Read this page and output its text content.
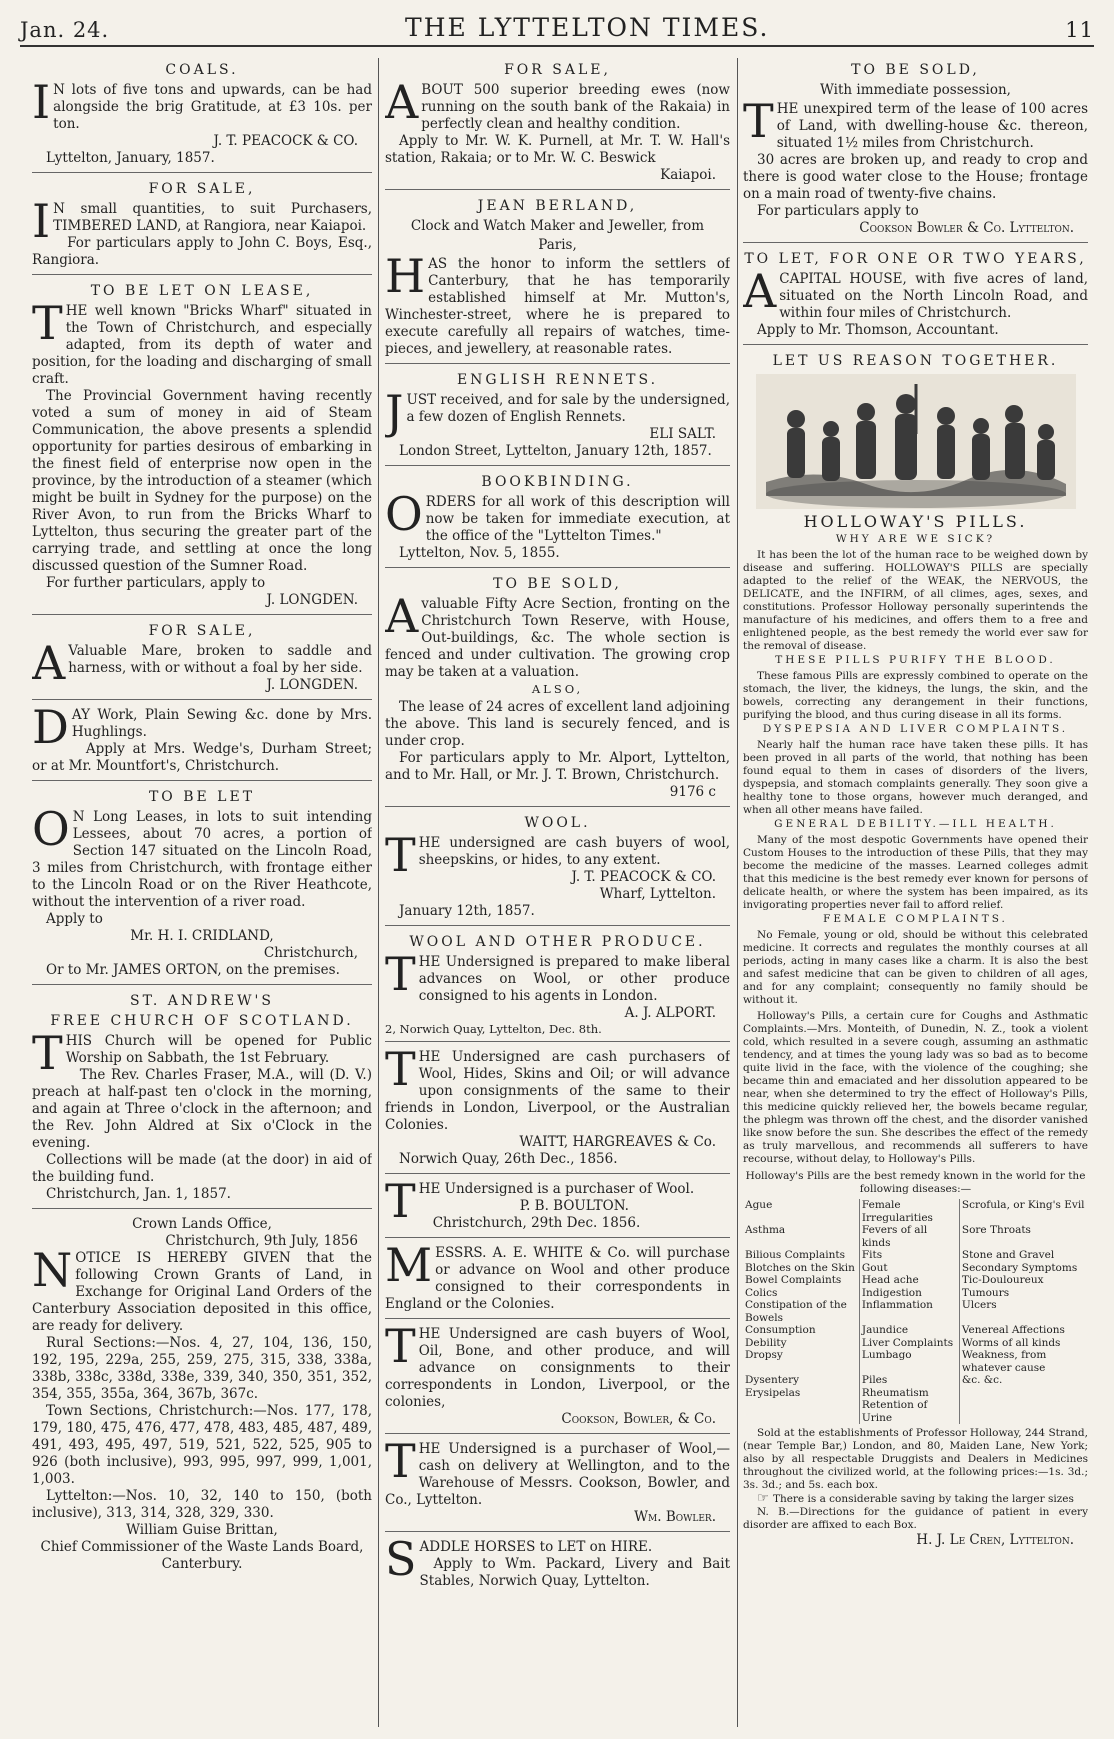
Jan. 24.	THE LYTTELTON TIMES.	11
COALS.

I N lots of five tons and upwards, can be had alongside the brig Gratitude, at £3 10s. per ton.

J. T. PEACOCK & CO.
Lyttelton, January, 1857.
FOR SALE,

I N small quantities, to suit Purchasers, TIMBERED LAND, at Rangiora, near Kaiapoi.

For particulars apply to John C. Boys, Esq., Rangiora.

TO BE LET ON LEASE,

THE well known "Bricks Wharf" situated in the Town of Christchurch, and especially adapted, from its depth of water and position, for the loading and discharging of small craft.

The Provincial Government having recently voted a sum of money in aid of Steam Communication, the above presents a splendid opportunity for parties desirous of embarking in the finest field of enterprise now open in the province, by the introduction of a steamer (which might be built in Sydney for the purpose) on the River Avon, to run from the Bricks Wharf to Lyttelton, thus securing the greater part of the carrying trade, and settling at once the long discussed question of the Sumner Road.

For further particulars, apply to

J. LONGDEN.
FOR SALE,

A Valuable Mare, broken to saddle and harness, with or without a foal by her side.

J. LONGDEN.

DAY Work, Plain Sewing &c. done by Mrs. Hughlings.

Apply at Mrs. Wedge's, Durham Street; or at Mr. Mountfort's, Christchurch.

TO BE LET

O N Long Leases, in lots to suit intending Lessees, about 70 acres, a portion of Section 147 situated on the Lincoln Road, 3 miles from Christchurch, with frontage either to the Lincoln Road or on the River Heathcote, without the intervention of a river road.

Apply to
Mr. H. I. CRIDLAND,
Christchurch,

Or to Mr. JAMES ORTON, on the premises.

ST. ANDREW'S
FREE CHURCH OF SCOTLAND.

THIS Church will be opened for Public Worship on Sabbath, the 1st February.

The Rev. Charles Fraser, M.A., will (D. V.) preach at half-past ten o'clock in the morning, and again at Three o'clock in the afternoon; and the Rev. John Aldred at Six o'Clock in the evening.

Collections will be made (at the door) in aid of the building fund.

Christchurch, Jan. 1, 1857.
Crown Lands Office,
Christchurch, 9th July, 1856

NOTICE IS HEREBY GIVEN that the following Crown Grants of Land, in Exchange for Original Land Orders of the Canterbury Association deposited in this office, are ready for delivery.

Rural Sections:—Nos. 4, 27, 104, 136, 150, 192, 195, 229a, 255, 259, 275, 315, 338, 338a, 338b, 338c, 338d, 338e, 339, 340, 350, 351, 352, 354, 355, 355a, 364, 367b, 367c.

Town Sections, Christchurch:—Nos. 177, 178, 179, 180, 475, 476, 477, 478, 483, 485, 487, 489, 491, 493, 495, 497, 519, 521, 522, 525, 905 to 926 (both inclusive), 993, 995, 997, 999, 1,001, 1,003.

Lyttelton:—Nos. 10, 32, 140 to 150, (both inclusive), 313, 314, 328, 329, 330.

William Guise Brittan,
Chief Commissioner of the Waste Lands Board, Canterbury.
FOR SALE,

ABOUT 500 superior breeding ewes (now running on the south bank of the Rakaia) in perfectly clean and healthy condition.

Apply to Mr. W. K. Purnell, at Mr. T. W. Hall's station, Rakaia; or to Mr. W. C. Beswick

Kaiapoi.
JEAN BERLAND,
Clock and Watch Maker and Jeweller, from
Paris,

HAS the honor to inform the settlers of Canterbury, that he has temporarily established himself at Mr. Mutton's, Winchester-street, where he is prepared to execute carefully all repairs of watches, time-pieces, and jewellery, at reasonable rates.

ENGLISH RENNETS.

JUST received, and for sale by the undersigned, a few dozen of English Rennets.

ELI SALT.
London Street, Lyttelton, January 12th, 1857.
BOOKBINDING.

ORDERS for all work of this description will now be taken for immediate execution, at the office of the "Lyttelton Times."

Lyttelton, Nov. 5, 1855.
TO BE SOLD,

Avaluable Fifty Acre Section, fronting on the Christchurch Town Reserve, with House, Out-buildings, &c. The whole section is fenced and under cultivation. The growing crop may be taken at a valuation.

ALSO,

The lease of 24 acres of excellent land adjoining the above. This land is securely fenced, and is under crop.

For particulars apply to Mr. Alport, Lyttelton, and to Mr. Hall, or Mr. J. T. Brown, Christchurch.

9176 c
WOOL.

THE undersigned are cash buyers of wool, sheepskins, or hides, to any extent.

J. T. PEACOCK & CO.
Wharf, Lyttelton.
January 12th, 1857.
WOOL AND OTHER PRODUCE.

THE Undersigned is prepared to make liberal advances on Wool, or other produce consigned to his agents in London.

A. J. ALPORT.
2, Norwich Quay, Lyttelton, Dec. 8th.

THE Undersigned are cash purchasers of Wool, Hides, Skins and Oil; or will advance upon consignments of the same to their friends in London, Liverpool, or the Australian Colonies.

WAITT, HARGREAVES & Co.
Norwich Quay, 26th Dec., 1856.

THE Undersigned is a purchaser of Wool.

P. B. BOULTON.
Christchurch, 29th Dec. 1856.

MESSRS. A. E. WHITE & Co. will purchase or advance on Wool and other produce consigned to their correspondents in England or the Colonies.

THE Undersigned are cash buyers of Wool, Oil, Bone, and other produce, and will advance on consignments to their correspondents in London, Liverpool, or the colonies,

Cookson, Bowler, & Co.

THE Undersigned is a purchaser of Wool,—cash on delivery at Wellington, and to the Warehouse of Messrs. Cookson, Bowler, and Co., Lyttelton.

Wm. Bowler.

SADDLE HORSES to LET on HIRE.

Apply to Wm. Packard, Livery and Bait Stables, Norwich Quay, Lyttelton.

TO BE SOLD,
With immediate possession,

THE unexpired term of the lease of 100 acres of Land, with dwelling-house &c. thereon, situated 1½ miles from Christchurch.

30 acres are broken up, and ready to crop and there is good water close to the House; frontage on a main road of twenty-five chains.

For particulars apply to
Cookson Bowler & Co. Lyttelton.
TO LET, FOR ONE OR TWO YEARS,

ACAPITAL HOUSE, with five acres of land, situated on the North Lincoln Road, and within four miles of Christchurch.

Apply to Mr. Thomson, Accountant.
LET US REASON TOGETHER.
HOLLOWAY'S PILLS.
WHY ARE WE SICK?

It has been the lot of the human race to be weighed down by disease and suffering. HOLLOWAY'S PILLS are specially adapted to the relief of the WEAK, the NERVOUS, the DELICATE, and the INFIRM, of all climes, ages, sexes, and constitutions. Professor Holloway personally superintends the manufacture of his medicines, and offers them to a free and enlightened people, as the best remedy the world ever saw for the removal of disease.

THESE PILLS PURIFY THE BLOOD.

These famous Pills are expressly combined to operate on the stomach, the liver, the kidneys, the lungs, the skin, and the bowels, correcting any derangement in their functions, purifying the blood, and thus curing disease in all its forms.

DYSPEPSIA AND LIVER COMPLAINTS.

Nearly half the human race have taken these pills. It has been proved in all parts of the world, that nothing has been found equal to them in cases of disorders of the livers, dyspepsia, and stomach complaints generally. They soon give a healthy tone to those organs, however much deranged, and when all other means have failed.

GENERAL DEBILITY.—ILL HEALTH.

Many of the most despotic Governments have opened their Custom Houses to the introduction of these Pills, that they may become the medicine of the masses. Learned colleges admit that this medicine is the best remedy ever known for persons of delicate health, or where the system has been impaired, as its invigorating properties never fail to afford relief.

FEMALE COMPLAINTS.

No Female, young or old, should be without this celebrated medicine. It corrects and regulates the monthly courses at all periods, acting in many cases like a charm. It is also the best and safest medicine that can be given to children of all ages, and for any complaint; consequently no family should be without it.

Holloway's Pills, a certain cure for Coughs and Asthmatic Complaints.—Mrs. Monteith, of Dunedin, N. Z., took a violent cold, which resulted in a severe cough, assuming an asthmatic tendency, and at times the young lady was so bad as to become quite livid in the face, with the violence of the coughing; she became thin and emaciated and her dissolution appeared to be near, when she determined to try the effect of Holloway's Pills, this medicine quickly relieved her, the bowels became regular, the phlegm was thrown off the chest, and the disorder vanished like snow before the sun. She describes the effect of the remedy as truly marvellous, and recommends all sufferers to have recourse, without delay, to Holloway's Pills.

Holloway's Pills are the best remedy known in the world for the following diseases:—
Ague	Female Irregularities	Scrofula, or King's Evil
Asthma	Fevers of all kinds	Sore Throats
Bilious Complaints	Fits	Stone and Gravel
Blotches on the Skin	Gout	Secondary Symptoms
Bowel Complaints	Head ache	Tic-Douloureux
Colics	Indigestion	Tumours
Constipation of the Bowels	Inflammation	Ulcers
Consumption	Jaundice	Venereal Affections
Debility	Liver Complaints	Worms of all kinds
Dropsy	Lumbago	Weakness, from whatever cause
Dysentery	Piles	&c. &c.
Erysipelas	Rheumatism	
	Retention of Urine	

Sold at the establishments of Professor Holloway, 244 Strand, (near Temple Bar,) London, and 80, Maiden Lane, New York; also by all respectable Druggists and Dealers in Medicines throughout the civilized world, at the following prices:—1s. 3d.; 3s. 3d.; and 5s. each box.

☞ There is a considerable saving by taking the larger sizes

N. B.—Directions for the guidance of patient in every disorder are affixed to each Box.

H. J. Le Cren, Lyttelton.
